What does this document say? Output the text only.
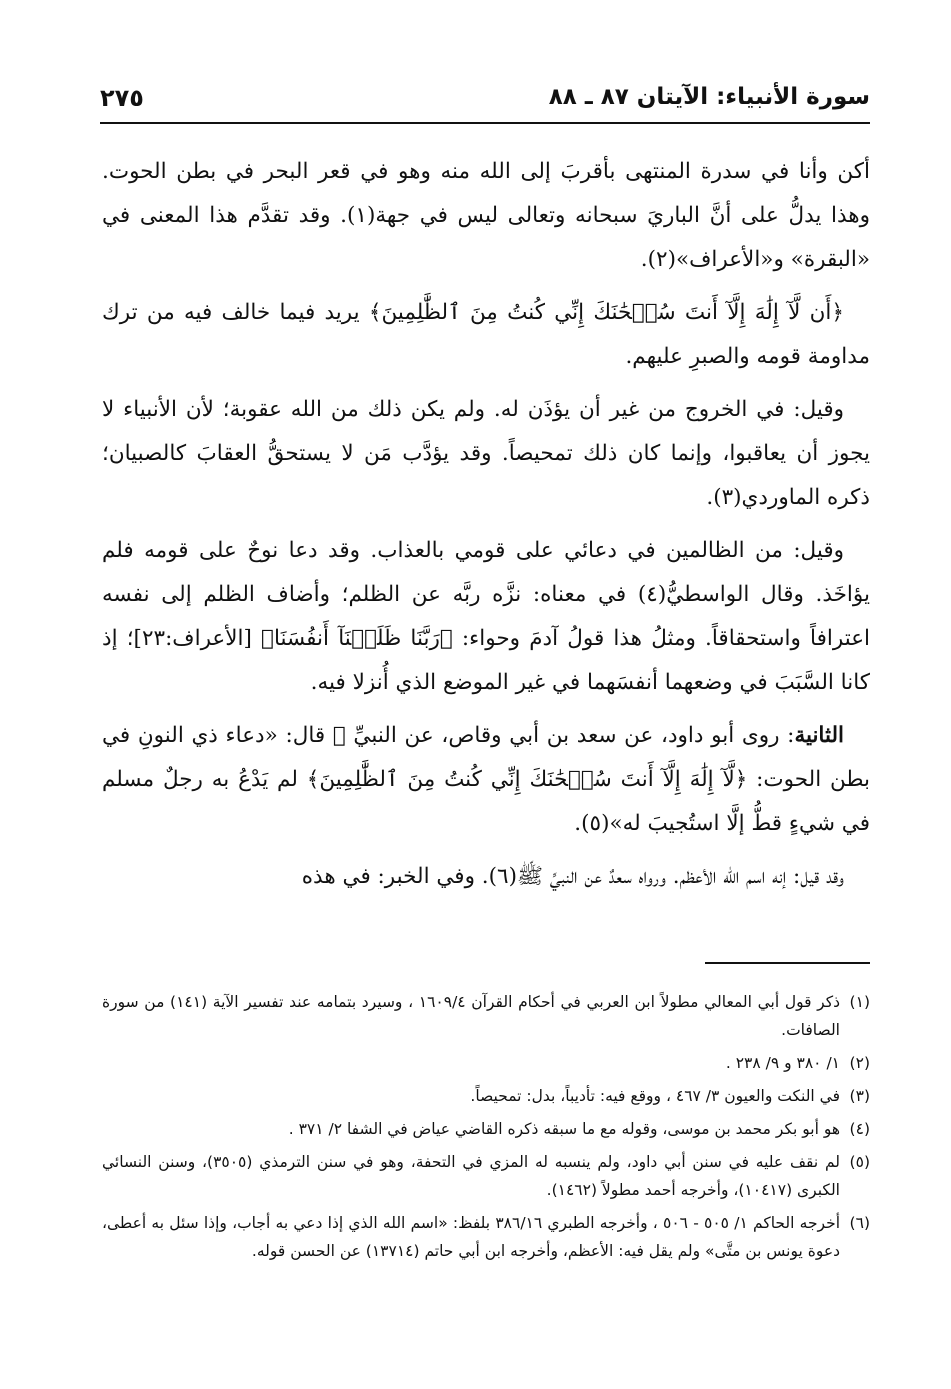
سورة الأنبياء: الآيتان ٨٧ ـ ٨٨
٢٧٥

أكن وأنا في سدرة المنتهى بأقربَ إلى الله منه وهو في قعر البحر في بطن الحوت. وهذا يدلُّ على أنَّ الباريَ سبحانه وتعالى ليس في جهة(١). وقد تقدَّم هذا المعنى في «البقرة» و«الأعراف»(٢).

﴿أَن لَّآ إِلَٰهَ إِلَّآ أَنتَ سُبۡحَٰنَكَ إِنِّي كُنتُ مِنَ ٱلظَّٰلِمِينَ﴾ يريد فيما خالف فيه من ترك مداومة قومه والصبرِ عليهم.

وقيل: في الخروج من غير أن يؤذَن له. ولم يكن ذلك من الله عقوبة؛ لأن الأنبياء لا يجوز أن يعاقبوا، وإنما كان ذلك تمحيصاً. وقد يؤدَّب مَن لا يستحقُّ العقابَ كالصبيان؛ ذكره الماوردي(٣).

وقيل: من الظالمين في دعائي على قومي بالعذاب. وقد دعا نوحٌ على قومه فلم يؤاخَذ. وقال الواسطيُّ(٤) في معناه: نزَّه ربَّه عن الظلم؛ وأضاف الظلم إلى نفسه اعترافاً واستحقاقاً. ومثلُ هذا قولُ آدمَ وحواء: ﴿رَبَّنَا ظَلَمۡنَآ أَنفُسَنَا﴾ [الأعراف:٢٣]؛ إذ كانا السَّبَبَ في وضعهما أنفسَهما في غير الموضع الذي أُنزلا فيه.

الثانية: روى أبو داود، عن سعد بن أبي وقاص، عن النبيِّ ﷺ قال: «دعاء ذي النونِ في بطن الحوت: ﴿لَّآ إِلَٰهَ إِلَّآ أَنتَ سُبۡحَٰنَكَ إِنِّي كُنتُ مِنَ ٱلظَّٰلِمِينَ﴾ لم يَدْعُ به رجلٌ مسلم في شيءٍ قطُّ إلَّا استُجيبَ له»(٥).

وقد قيل: إنه اسم الله الأعظم. ورواه سعدٌ عن النبيِّ ﷺ(٦). وفي الخبر: في هذه

(١)
ذكر قول أبي المعالي مطولاً ابن العربي في أحكام القرآن ١٦٠٩/٤ ، وسيرد بتمامه عند تفسير الآية (١٤١) من سورة الصافات.
(٢)
١/ ٣٨٠ و ٩/ ٢٣٨ .
(٣)
في النكت والعيون ٣/ ٤٦٧ ، ووقع فيه: تأديباً، بدل: تمحيصاً.
(٤)
هو أبو بكر محمد بن موسى، وقوله مع ما سبقه ذكره القاضي عياض في الشفا ٢/ ٣٧١ .
(٥)
لم نقف عليه في سنن أبي داود، ولم ينسبه له المزي في التحفة، وهو في سنن الترمذي (٣٥٠٥)، وسنن النسائي الكبرى (١٠٤١٧)، وأخرجه أحمد مطولاً (١٤٦٢).
(٦)
أخرجه الحاكم ١/ ٥٠٥ - ٥٠٦ ، وأخرجه الطبري ٣٨٦/١٦ بلفظ: «اسم الله الذي إذا دعي به أجاب، وإذا سئل به أعطى، دعوة يونس بن متَّى» ولم يقل فيه: الأعظم، وأخرجه ابن أبي حاتم (١٣٧١٤) عن الحسن قوله.
